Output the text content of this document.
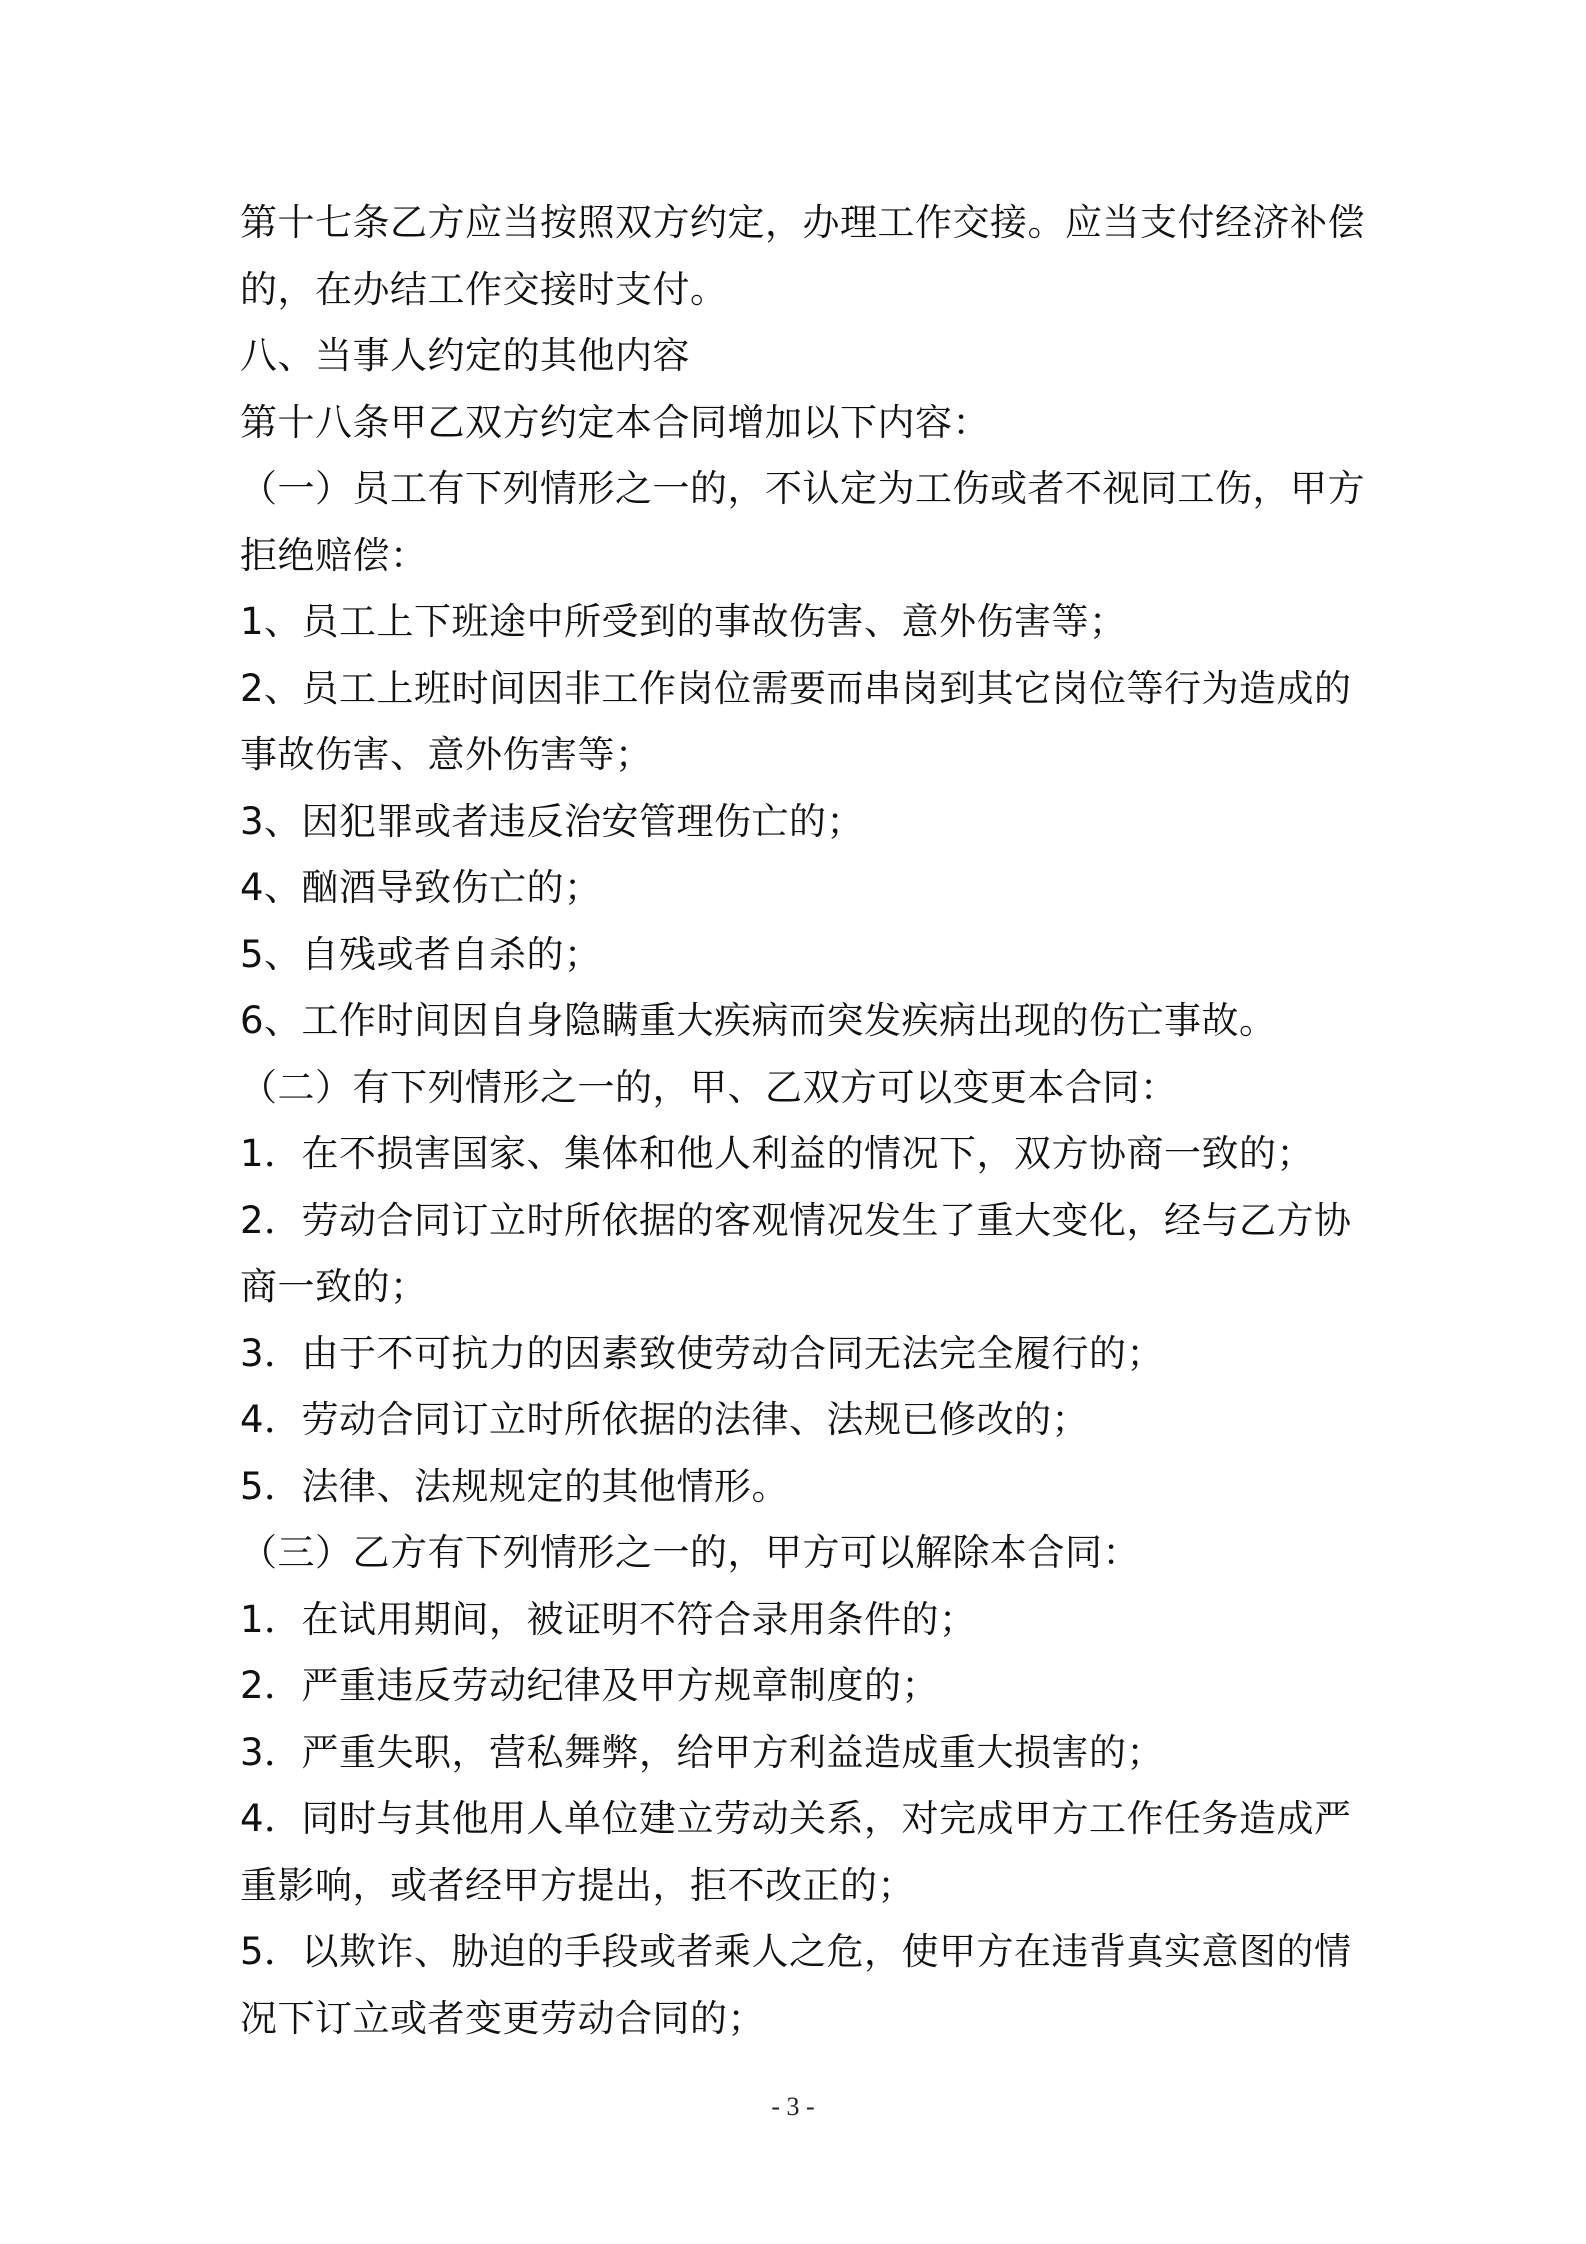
第十七条乙方应当按照双方约定，办理工作交接。应当支付经济补偿
的，在办结工作交接时支付。
八、当事人约定的其他内容
第十八条甲乙双方约定本合同增加以下内容：
（一）员工有下列情形之一的，不认定为工伤或者不视同工伤，甲方
拒绝赔偿：
1、员工上下班途中所受到的事故伤害、意外伤害等；
2、员工上班时间因非工作岗位需要而串岗到其它岗位等行为造成的
事故伤害、意外伤害等；
3、因犯罪或者违反治安管理伤亡的；
4、酗酒导致伤亡的；
5、自残或者自杀的；
6、工作时间因自身隐瞒重大疾病而突发疾病出现的伤亡事故。
（二）有下列情形之一的，甲、乙双方可以变更本合同：
1．在不损害国家、集体和他人利益的情况下，双方协商一致的；
2．劳动合同订立时所依据的客观情况发生了重大变化，经与乙方协
商一致的；
3．由于不可抗力的因素致使劳动合同无法完全履行的；
4．劳动合同订立时所依据的法律、法规已修改的；
5．法律、法规规定的其他情形。
（三）乙方有下列情形之一的，甲方可以解除本合同：
1．在试用期间，被证明不符合录用条件的；
2．严重违反劳动纪律及甲方规章制度的；
3．严重失职，营私舞弊，给甲方利益造成重大损害的；
4．同时与其他用人单位建立劳动关系，对完成甲方工作任务造成严
重影响，或者经甲方提出，拒不改正的；
5．以欺诈、胁迫的手段或者乘人之危，使甲方在违背真实意图的情
况下订立或者变更劳动合同的；
- 3 -
